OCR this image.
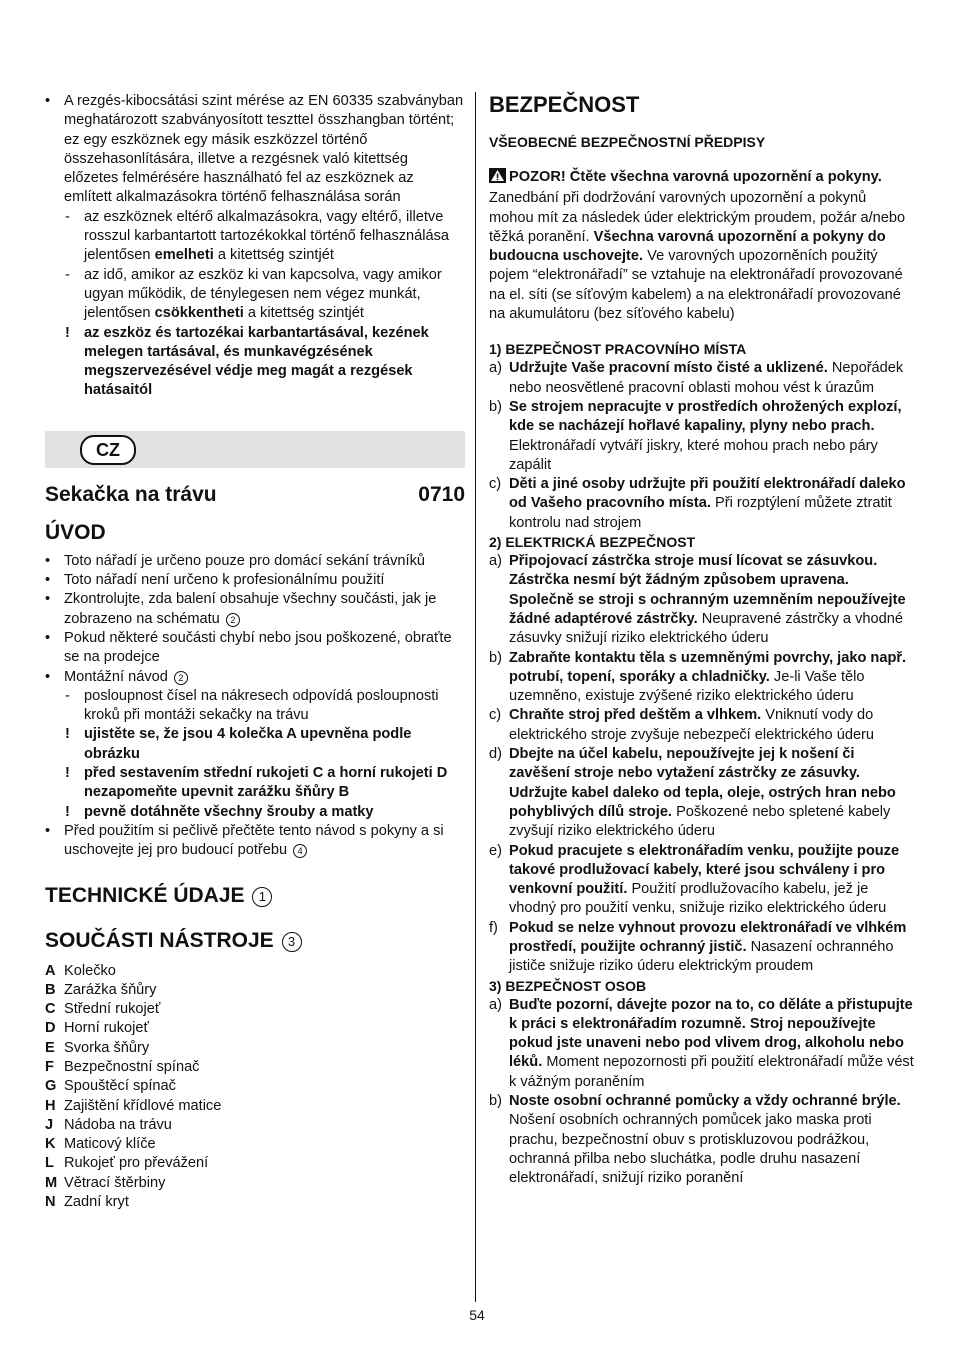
• A rezgés-kibocsátási szint mérése az EN 60335 szabványban meghatározott szabványosított tesztteI összhangban történt; ez egy eszköznek egy másik eszközzel történő összehasonlítására, illetve a rezgésnek való kitettség előzetes felmérésére használható fel az eszköznek az említett alkalmazásokra történő felhasználása során
- az eszköznek eltérő alkalmazásokra, vagy eltérő, illetve rosszul karbantartott tartozékokkal történő felhasználása jelentősen emelheti a kitettség szintjét
- az idő, amikor az eszköz ki van kapcsolva, vagy amikor ugyan működik, de ténylegesen nem végez munkát, jelentősen csökkentheti a kitettség szintjét
! az eszköz és tartozékai karbantartásával, kezének melegen tartásával, és munkavégzésének megszervezésével védje meg magát a rezgések hatásaitól
CZ
Sekačka na trávu	0710
ÚVOD
• Toto nářadí je určeno pouze pro domácí sekání trávníků
• Toto nářadí není určeno k profesionálnímu použití
• Zkontrolujte, zda balení obsahuje všechny součásti, jak je zobrazeno na schématu 2
• Pokud některé součásti chybí nebo jsou poškozené, obraťte se na prodejce
• Montážní návod 2
- posloupnost čísel na nákresech odpovídá posloupnosti kroků při montáži sekačky na trávu
! ujistěte se, že jsou 4 kolečka A upevněna podle obrázku
! před sestavením střední rukojeti C a horní rukojeti D nezapomeňte upevnit zarážku šňůry B
! pevně dotáhněte všechny šrouby a matky
• Před použitím si pečlivě přečtěte tento návod s pokyny a si uschovejte jej pro budoucí potřebu 4
TECHNICKÉ ÚDAJE 1
SOUČÁSTI NÁSTROJE 3
A Kolečko
B Zarážka šňůry
C Střední rukojeť
D Horní rukojeť
E Svorka šňůry
F Bezpečnostní spínač
G Spouštěcí spínač
H Zajištění křídlové matice
J Nádoba na trávu
K Maticový klíče
L Rukojeť pro převážení
M Větrací štěrbiny
N Zadní kryt
BEZPEČNOST
VŠEOBECNÉ BEZPEČNOSTNÍ PŘEDPISY
POZOR! Čtěte všechna varovná upozornění a pokyny. Zanedbání při dodržování varovných upozornění a pokynů mohou mít za následek úder elektrickým proudem, požár a/nebo těžká poranění. Všechna varovná upozornění a pokyny do budoucna uschovejte. Ve varovných upozorněních použitý pojem “elektronářadí” se vztahuje na elektronářadí provozované na el. síti (se síťovým kabelem) a na elektronářadí provozované na akumulátoru (bez síťového kabelu)
1) BEZPEČNOST PRACOVNÍHO MÍSTA
a) Udržujte Vaše pracovní místo čisté a uklizené. Nepořádek nebo neosvětlené pracovní oblasti mohou vést k úrazům
b) Se strojem nepracujte v prostředích ohrožených explozí, kde se nacházejí hořlavé kapaliny, plyny nebo prach. Elektronářadí vytváří jiskry, které mohou prach nebo páry zapálit
c) Děti a jiné osoby udržujte při použití elektronářadí daleko od Vašeho pracovního místa. Při rozptýlení můžete ztratit kontrolu nad strojem
2) ELEKTRICKÁ BEZPEČNOST
a) Připojovací zástrčka stroje musí lícovat se zásuvkou. Zástrčka nesmí být žádným způsobem upravena. Společně se stroji s ochranným uzemněním nepoužívejte žádné adaptérové zástrčky. Neupravené zástrčky a vhodné zásuvky snižují riziko elektrického úderu
b) Zabraňte kontaktu těla s uzemněnými povrchy, jako např. potrubí, topení, sporáky a chladničky. Je-li Vaše tělo uzemněno, existuje zvýšené riziko elektrického úderu
c) Chraňte stroj před deštěm a vlhkem. Vniknutí vody do elektrického stroje zvyšuje nebezpečí elektrického úderu
d) Dbejte na účel kabelu, nepoužívejte jej k nošení či zavěšení stroje nebo vytažení zástrčky ze zásuvky. Udržujte kabel daleko od tepla, oleje, ostrých hran nebo pohyblivých dílů stroje. Poškozené nebo spletené kabely zvyšují riziko elektrického úderu
e) Pokud pracujete s elektronářadím venku, použijte pouze takové prodlužovací kabely, které jsou schváleny i pro venkovní použití. Použití prodlužovacího kabelu, jež je vhodný pro použití venku, snižuje riziko elektrického úderu
f) Pokud se nelze vyhnout provozu elektronářadí ve vlhkém prostředí, použijte ochranný jistič. Nasazení ochranného jističe snižuje riziko úderu elektrickým proudem
3) BEZPEČNOST OSOB
a) Buďte pozorní, dávejte pozor na to, co děláte a přistupujte k práci s elektronářadím rozumně. Stroj nepoužívejte pokud jste unaveni nebo pod vlivem drog, alkoholu nebo léků. Moment nepozornosti při použití elektronářadí může vést k vážným poraněním
b) Noste osobní ochranné pomůcky a vždy ochranné brýle. Nošení osobních ochranných pomůcek jako maska proti prachu, bezpečnostní obuv s protiskluzovou podrážkou, ochranná přilba nebo sluchátka, podle druhu nasazení elektronářadí, snižují riziko poranění
54
